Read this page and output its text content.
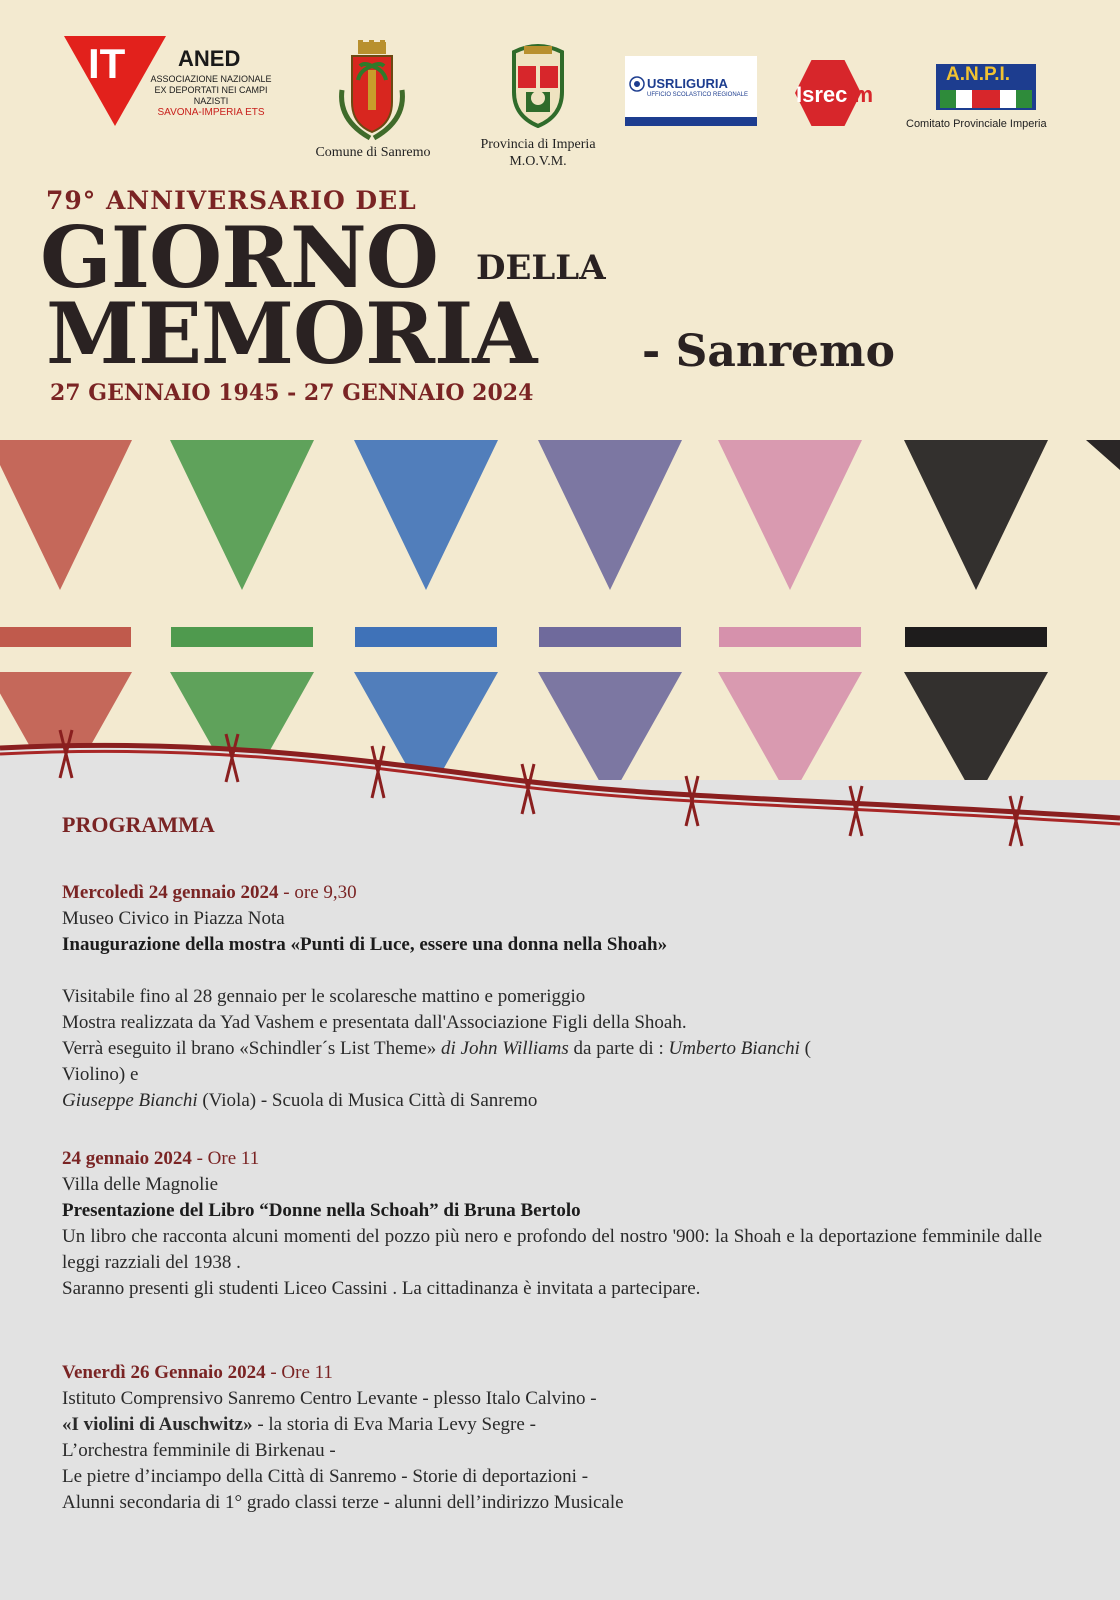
IT ANED
ASSOCIAZIONE NAZIONALE
EX DEPORTATI NEI CAMPI NAZISTI
SAVONA-IMPERIA ETS
Comune di Sanremo
Provincia di Imperia
M.O.V.M.
USRLIGURIA
UFFICIO SCOLASTICO REGIONALE Isrecim
A.N.P.I.
Comitato Provinciale Imperia
79° ANNIVERSARIO DEL
GIORNO DELLA
MEMORIA - Sanremo
27 GENNAIO 1945 - 27 GENNAIO 2024
PROGRAMMA

Mercoledì 24 gennaio 2024 - ore 9,30

Museo Civico in Piazza Nota

Inaugurazione della mostra «Punti di Luce, essere una donna nella Shoah»

Visitabile fino al 28 gennaio per le scolaresche mattino e pomeriggio

Mostra realizzata da Yad Vashem e presentata dall'Associazione Figli della Shoah.

Verrà eseguito il brano «Schindler´s List Theme» di John Williams da parte di : Umberto Bianchi (

Violino) e

Giuseppe Bianchi (Viola) - Scuola di Musica Città di Sanremo

24 gennaio 2024 - Ore 11

Villa delle Magnolie

Presentazione del Libro “Donne nella Schoah” di Bruna Bertolo

Un libro che racconta alcuni momenti del pozzo più nero e profondo del nostro '900: la Shoah e la deportazione femminile dalle leggi razziali del 1938 .

Saranno presenti gli studenti Liceo Cassini . La cittadinanza è invitata a partecipare.

Venerdì 26 Gennaio 2024 - Ore 11

Istituto Comprensivo Sanremo Centro Levante - plesso Italo Calvino -

«I violini di Auschwitz» - la storia di Eva Maria Levy Segre -

L’orchestra femminile di Birkenau -

Le pietre d’inciampo della Città di Sanremo - Storie di deportazioni -

Alunni secondaria di 1° grado classi terze - alunni dell’indirizzo Musicale
